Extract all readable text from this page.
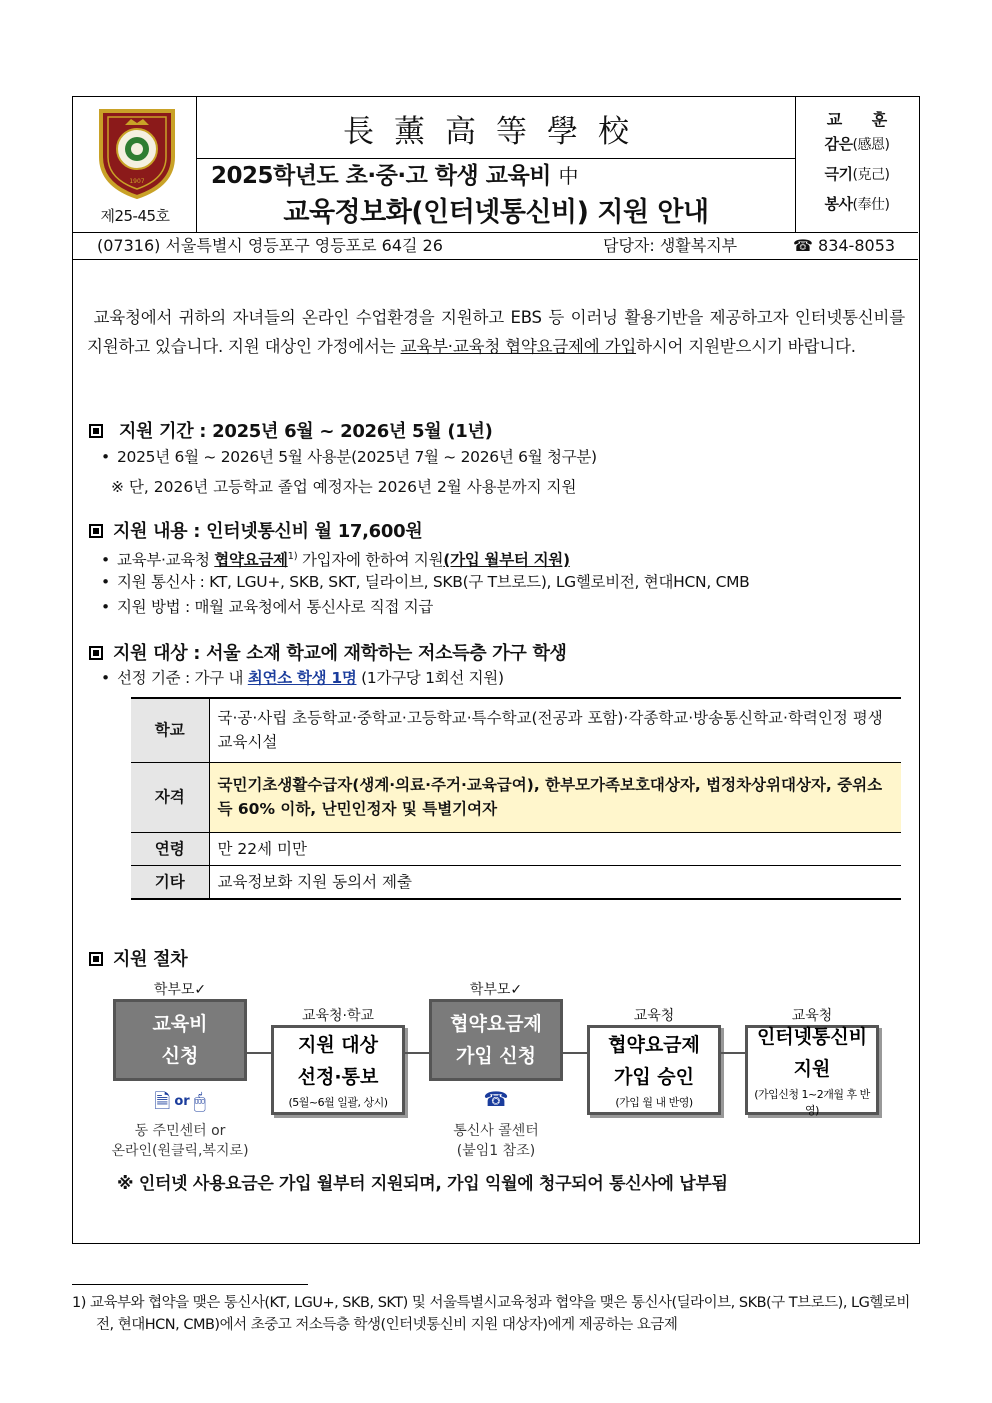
1907
제25-45호
長薰高等學校
2025학년도 초·중·고 학생 교육비 中
교육정보화(인터넷통신비) 지원 안내
교 훈
감은(感恩)
극기(克己)
봉사(奉仕)
(07316) 서울특별시 영등포구 영등포로 64길 26	담당자: 생활복지부	☎ 834-8053
교육청에서 귀하의 자녀들의 온라인 수업환경을 지원하고 EBS 등 이러닝 활용기반을 제공하고자 인터넷통신비를 지원하고 있습니다. 지원 대상인 가정에서는 교육부·교육청 협약요금제에 가입하시어 지원받으시기 바랍니다.
지원 기간 : 2025년 6월 ~ 2026년 5월 (1년)
• 2025년 6월 ~ 2026년 5월 사용분(2025년 7월 ~ 2026년 6월 청구분)
※ 단, 2026년 고등학교 졸업 예정자는 2026년 2월 사용분까지 지원
지원 내용 : 인터넷통신비 월 17,600원
• 교육부·교육청 협약요금제$^{1)}$ 가입자에 한하여 지원(가입 월부터 지원)
• 지원 통신사 : KT, LGU+, SKB, SKT, 딜라이브, SKB(구 T브로드), LG헬로비전, 현대HCN, CMB
• 지원 방법 : 매월 교육청에서 통신사로 직접 지급
지원 대상 : 서울 소재 학교에 재학하는 저소득층 가구 학생
• 선정 기준 : 가구 내 최연소 학생 1명 (1가구당 1회선 지원)
학교	국·공·사립 초등학교·중학교·고등학교·특수학교(전공과 포함)·각종학교·방송통신학교·학력인정 평생교육시설
자격	국민기초생활수급자(생계·의료·주거·교육급여), 한부모가족보호대상자, 법정차상위대상자, 중위소득 60% 이하, 난민인정자 및 특별기여자
연령	만 22세 미만
기타	교육정보화 지원 동의서 제출
지원 절차
학부모✓
교육청·학교
학부모✓
교육청	교육청
교육비
신청	지원 대상
선정·통보
(5월~6월 일괄, 상시)
협약요금제
가입 신청	협약요금제
가입 승인
(가입 월 내 반영)
인터넷통신비
지원
(가입신청 1~2개월 후 반영)
🗎 or 🖱
동 주민센터 or
온라인(원클릭,복지로)
☎
통신사 콜센터
(붙임1 참조)
※ 인터넷 사용요금은 가입 월부터 지원되며, 가입 익월에 청구되어 통신사에 납부됨
1) 교육부와 협약을 맺은 통신사(KT, LGU+, SKB, SKT) 및 서울특별시교육청과 협약을 맺은 통신사(딜라이브, SKB(구 T브로드), LG헬로비전, 현대HCN, CMB)에서 초중고 저소득층 학생(인터넷통신비 지원 대상자)에게 제공하는 요금제
